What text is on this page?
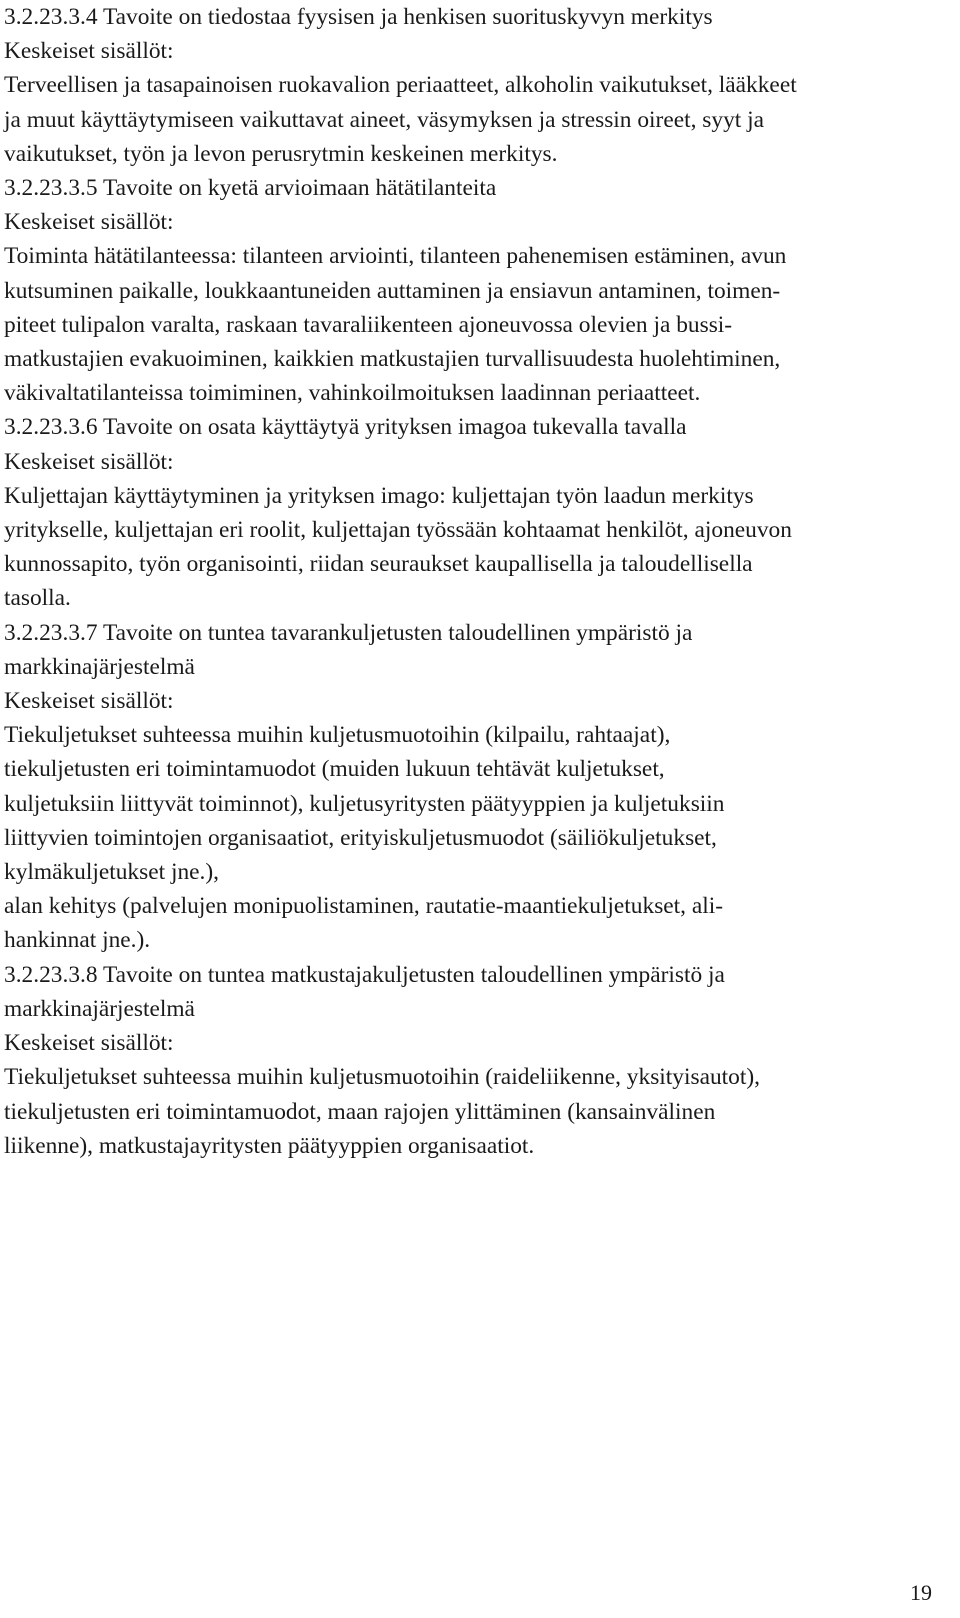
3.2.23.3.4 Tavoite on tiedostaa fyysisen ja henkisen suorituskyvyn merkitys

Keskeiset sisällöt:

Terveellisen ja tasapainoisen ruokavalion periaatteet, alkoholin vaikutukset, lääkkeet

ja muut käyttäytymiseen vaikuttavat aineet, väsymyksen ja stressin oireet, syyt ja

vaikutukset, työn ja levon perusrytmin keskeinen merkitys.

3.2.23.3.5 Tavoite on kyetä arvioimaan hätätilanteita

Keskeiset sisällöt:

Toiminta hätätilanteessa: tilanteen arviointi, tilanteen pahenemisen estäminen, avun

kutsuminen paikalle, loukkaantuneiden auttaminen ja ensiavun antaminen, toimen-

piteet tulipalon varalta, raskaan tavaraliikenteen ajoneuvossa olevien ja bussi-

matkustajien evakuoiminen, kaikkien matkustajien turvallisuudesta huolehtiminen,

väkivaltatilanteissa toimiminen, vahinkoilmoituksen laadinnan periaatteet.

3.2.23.3.6 Tavoite on osata käyttäytyä yrityksen imagoa tukevalla tavalla

Keskeiset sisällöt:

Kuljettajan käyttäytyminen ja yrityksen imago: kuljettajan työn laadun merkitys

yritykselle, kuljettajan eri roolit, kuljettajan työssään kohtaamat henkilöt, ajoneuvon

kunnossapito, työn organisointi, riidan seuraukset kaupallisella ja taloudellisella

tasolla.

3.2.23.3.7 Tavoite on tuntea tavarankuljetusten taloudellinen ympäristö ja

markkinajärjestelmä

Keskeiset sisällöt:

Tiekuljetukset suhteessa muihin kuljetusmuotoihin (kilpailu, rahtaajat),

tiekuljetusten eri toimintamuodot (muiden lukuun tehtävät kuljetukset,

kuljetuksiin liittyvät toiminnot), kuljetusyritysten päätyyppien ja kuljetuksiin

liittyvien toimintojen organisaatiot, erityiskuljetusmuodot (säiliökuljetukset,

kylmäkuljetukset jne.),

alan kehitys (palvelujen monipuolistaminen, rautatie-maantiekuljetukset, ali-

hankinnat jne.).

3.2.23.3.8 Tavoite on tuntea matkustajakuljetusten taloudellinen ympäristö ja

markkinajärjestelmä

Keskeiset sisällöt:

Tiekuljetukset suhteessa muihin kuljetusmuotoihin (raideliikenne, yksityisautot),

tiekuljetusten eri toimintamuodot, maan rajojen ylittäminen (kansainvälinen

liikenne), matkustajayritysten päätyyppien organisaatiot.

19
